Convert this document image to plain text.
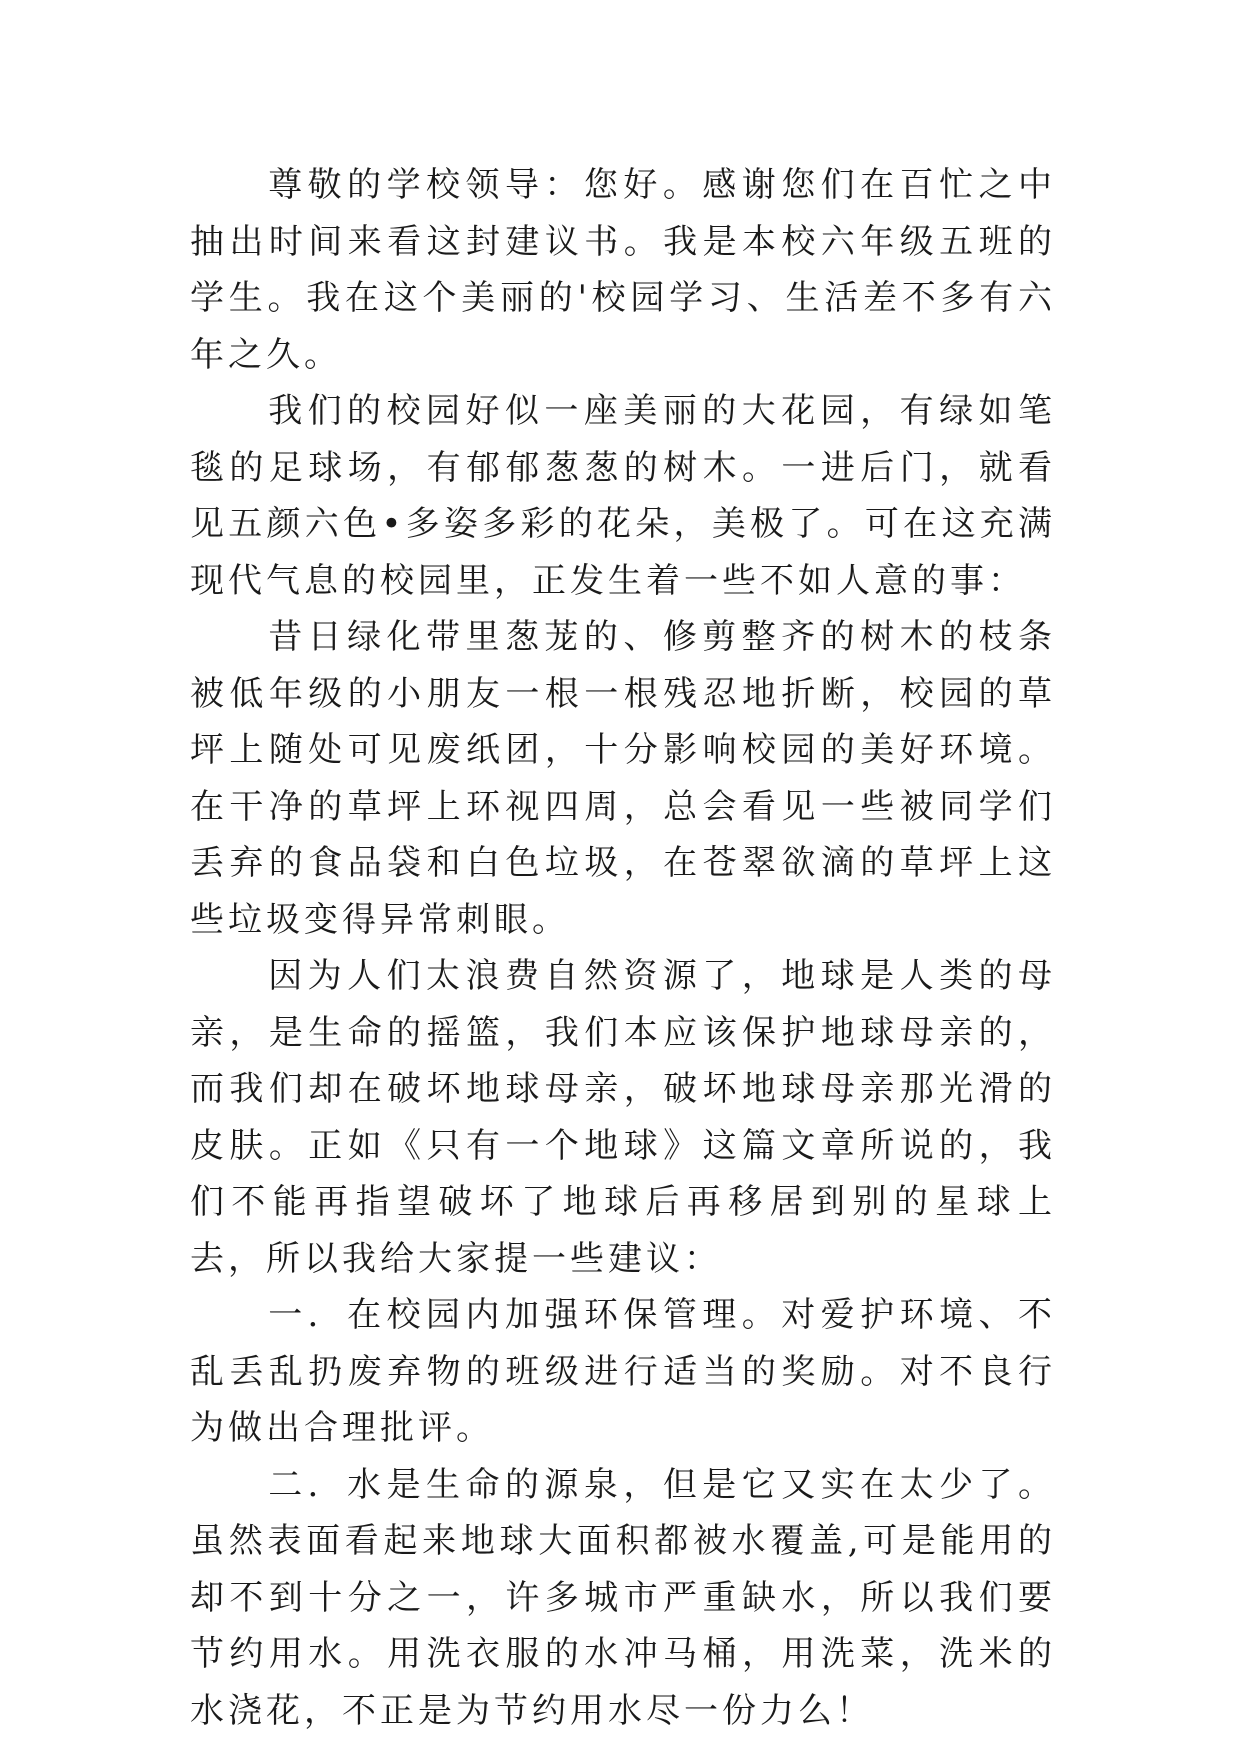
尊敬的学校领导：您好。感谢您们在百忙之中抽出时间来看这封建议书。我是本校六年级五班的学生。我在这个美丽的'校园学习、生活差不多有六年之久。

我们的校园好似一座美丽的大花园，有绿如笔毯的足球场，有郁郁葱葱的树木。一进后门，就看见五颜六色•多姿多彩的花朵，美极了。可在这充满现代气息的校园里，正发生着一些不如人意的事：

昔日绿化带里葱茏的、修剪整齐的树木的枝条被低年级的小朋友一根一根残忍地折断，校园的草坪上随处可见废纸团，十分影响校园的美好环境。在干净的草坪上环视四周，总会看见一些被同学们丢弃的食品袋和白色垃圾，在苍翠欲滴的草坪上这些垃圾变得异常刺眼。

因为人们太浪费自然资源了，地球是人类的母亲，是生命的摇篮，我们本应该保护地球母亲的，而我们却在破坏地球母亲，破坏地球母亲那光滑的皮肤。正如《只有一个地球》这篇文章所说的，我们不能再指望破坏了地球后再移居到别的星球上去，所以我给大家提一些建议：

一．在校园内加强环保管理。对爱护环境、不乱丢乱扔废弃物的班级进行适当的奖励。对不良行为做出合理批评。

二．水是生命的源泉，但是它又实在太少了。虽然表面看起来地球大面积都被水覆盖,可是能用的却不到十分之一，许多城市严重缺水，所以我们要节约用水。用洗衣服的水冲马桶，用洗菜，洗米的水浇花，不正是为节约用水尽一份力么！
